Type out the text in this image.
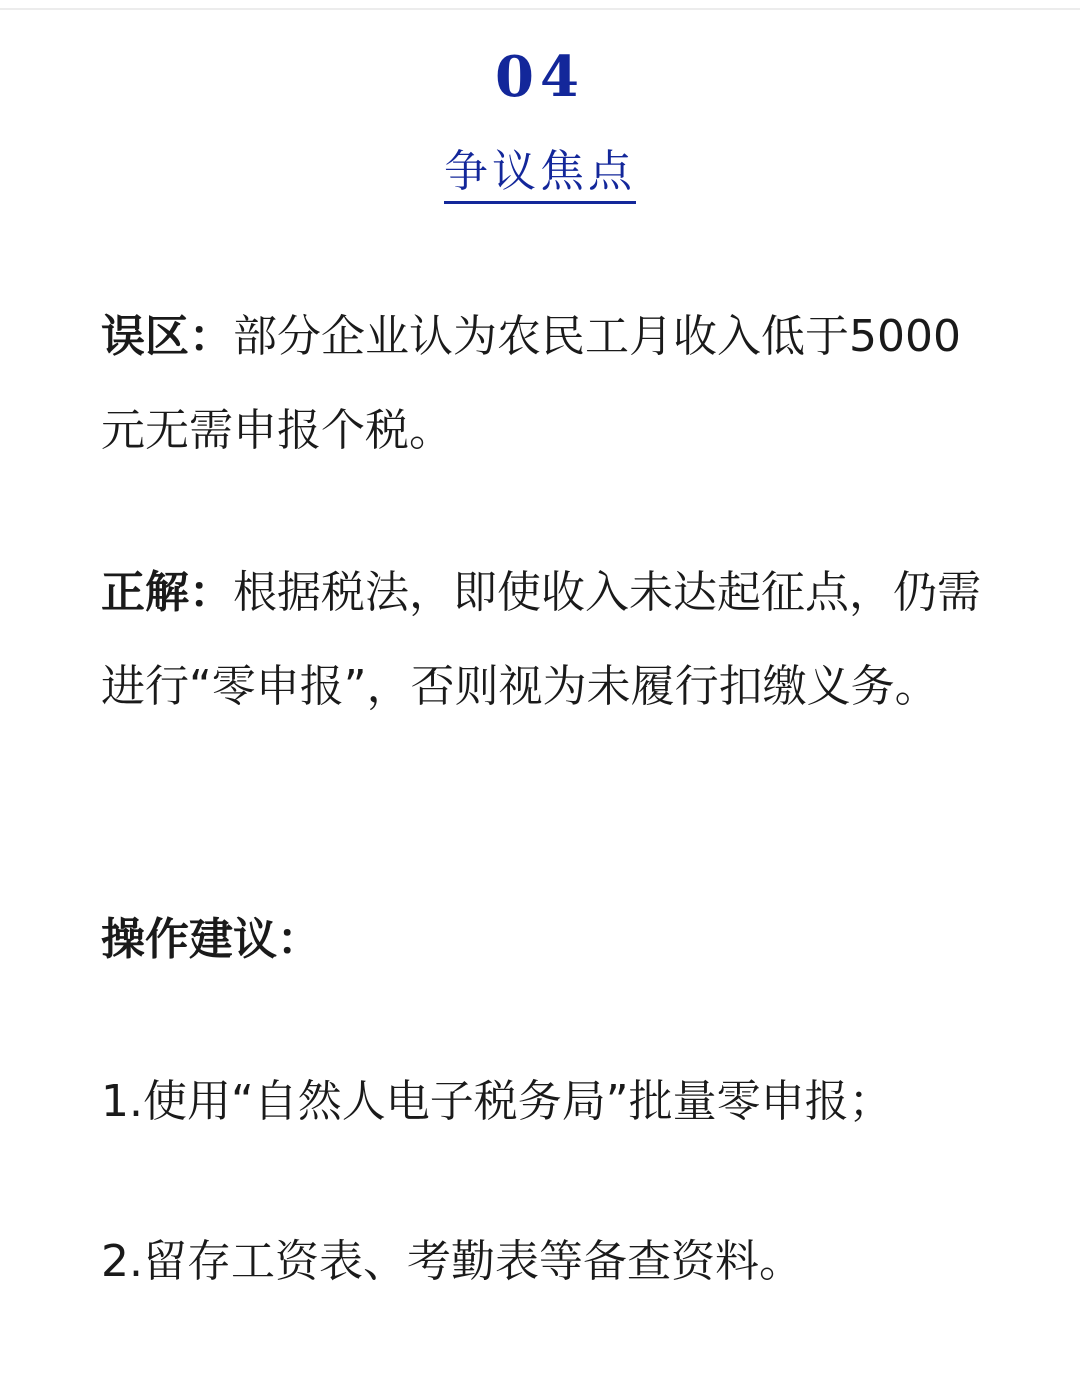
04
争议焦点

误区：部分企业认为农民工月收入低于5000元无需申报个税。

正解：根据税法，即使收入未达起征点，仍需进行“零申报”，否则视为未履行扣缴义务。

操作建议：
1.使用“自然人电子税务局”批量零申报；
2.留存工资表、考勤表等备查资料。
